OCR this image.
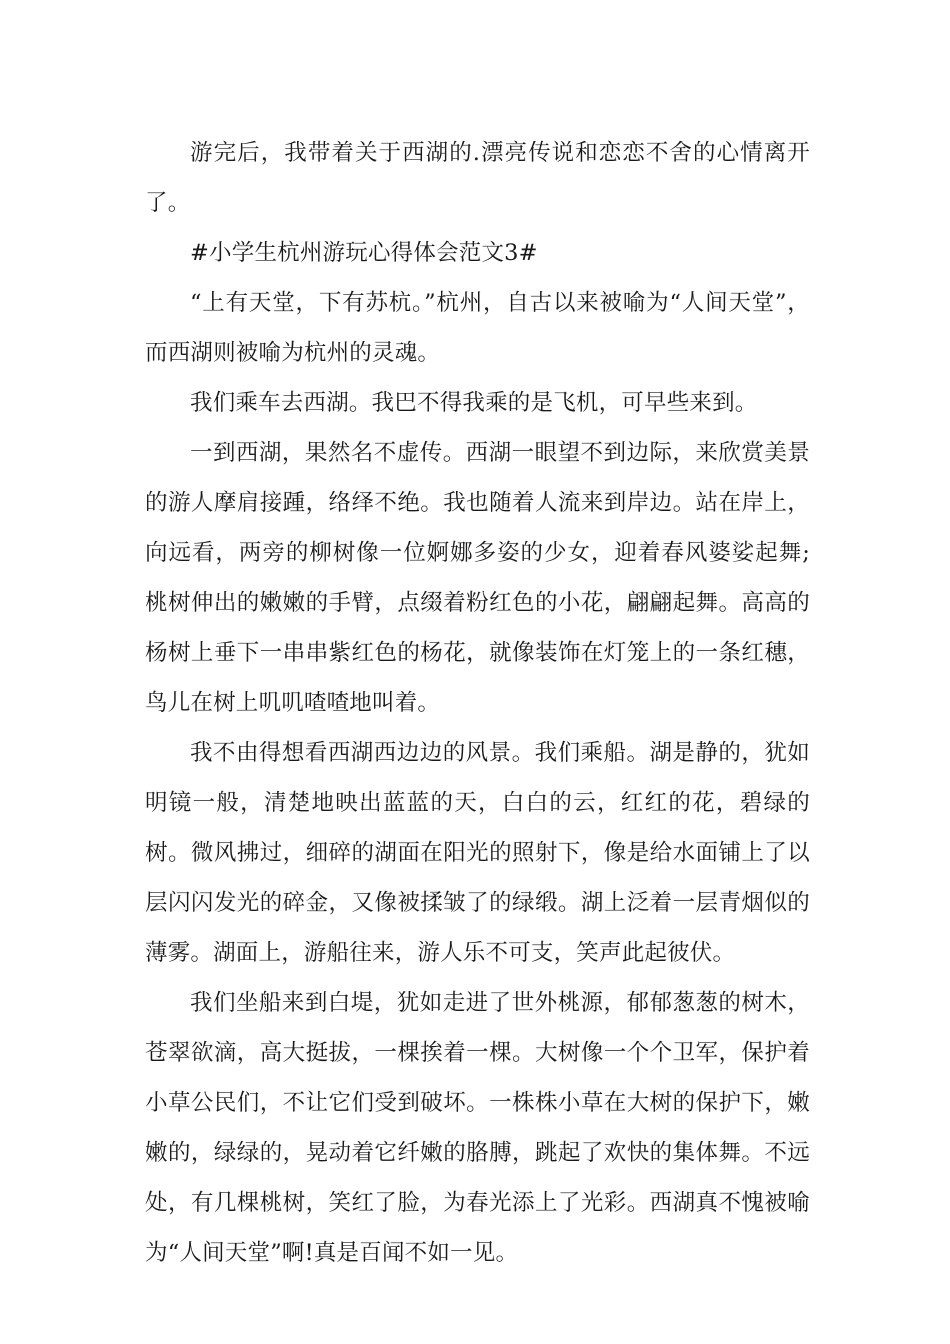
游完后，我带着关于西湖的.漂亮传说和恋恋不舍的心情离开了。

#小学生杭州游玩心得体会范文3#

“上有天堂，下有苏杭。”杭州，自古以来被喻为“人间天堂”，而西湖则被喻为杭州的灵魂。

我们乘车去西湖。我巴不得我乘的是飞机，可早些来到。

一到西湖，果然名不虚传。西湖一眼望不到边际，来欣赏美景的游人摩肩接踵，络绎不绝。我也随着人流来到岸边。站在岸上，向远看，两旁的柳树像一位婀娜多姿的少女，迎着春风婆娑起舞;桃树伸出的嫩嫩的手臂，点缀着粉红色的小花，翩翩起舞。高高的杨树上垂下一串串紫红色的杨花，就像装饰在灯笼上的一条红穗，鸟儿在树上叽叽喳喳地叫着。

我不由得想看西湖西边边的风景。我们乘船。湖是静的，犹如明镜一般，清楚地映出蓝蓝的天，白白的云，红红的花，碧绿的树。微风拂过，细碎的湖面在阳光的照射下，像是给水面铺上了以层闪闪发光的碎金，又像被揉皱了的绿缎。湖上泛着一层青烟似的薄雾。湖面上，游船往来，游人乐不可支，笑声此起彼伏。

我们坐船来到白堤，犹如走进了世外桃源，郁郁葱葱的树木，苍翠欲滴，高大挺拔，一棵挨着一棵。大树像一个个卫军，保护着小草公民们，不让它们受到破坏。一株株小草在大树的保护下，嫩嫩的，绿绿的，晃动着它纤嫩的胳膊，跳起了欢快的集体舞。不远处，有几棵桃树，笑红了脸，为春光添上了光彩。西湖真不愧被喻为“人间天堂”啊!真是百闻不如一见。
